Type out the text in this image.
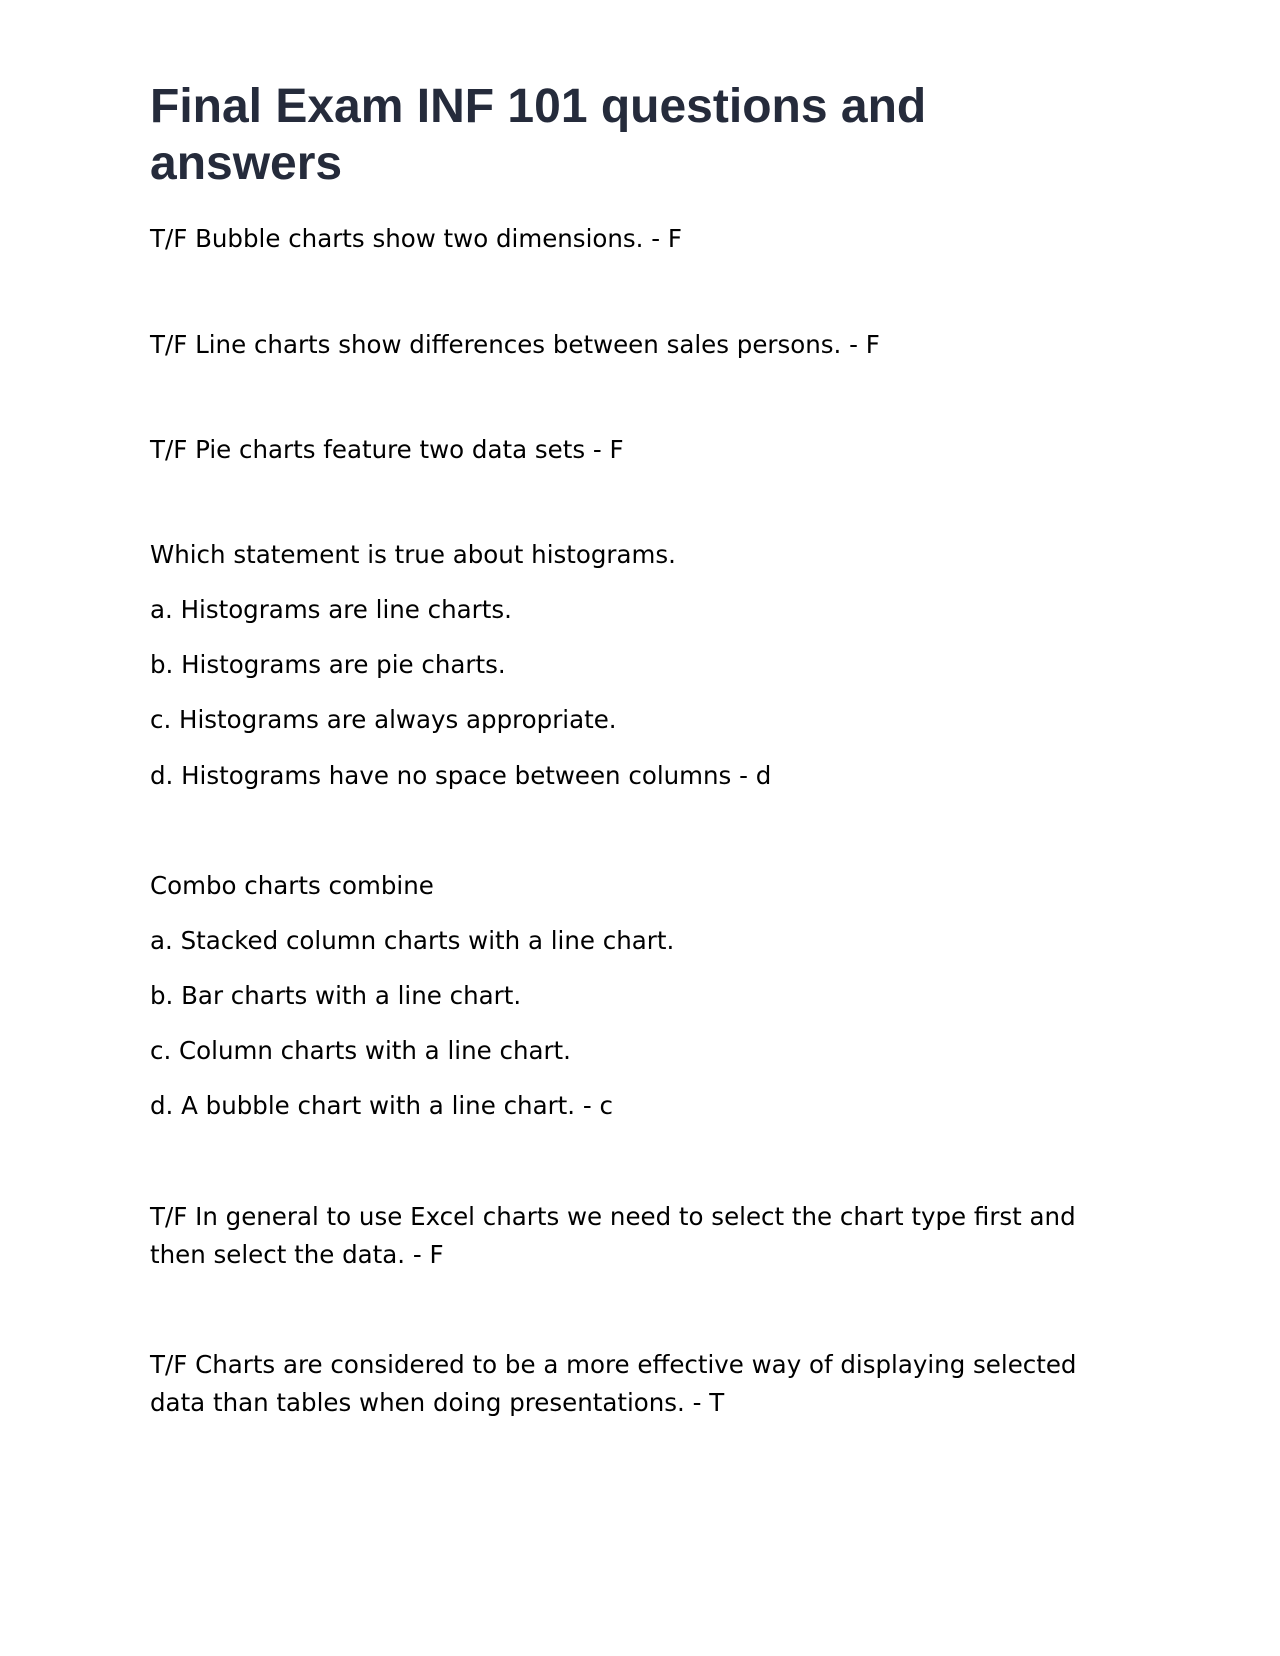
Final Exam INF 101 questions and answers

T/F Bubble charts show two dimensions. - F

T/F Line charts show differences between sales persons. - F

T/F Pie charts feature two data sets - F

Which statement is true about histograms.

a. Histograms are line charts.

b. Histograms are pie charts.

c. Histograms are always appropriate.

d. Histograms have no space between columns - d

Combo charts combine

a. Stacked column charts with a line chart.

b. Bar charts with a line chart.

c. Column charts with a line chart.

d. A bubble chart with a line chart. - c

T/F In general to use Excel charts we need to select the chart type first and then select the data. - F

T/F Charts are considered to be a more effective way of displaying selected data than tables when doing presentations. - T
